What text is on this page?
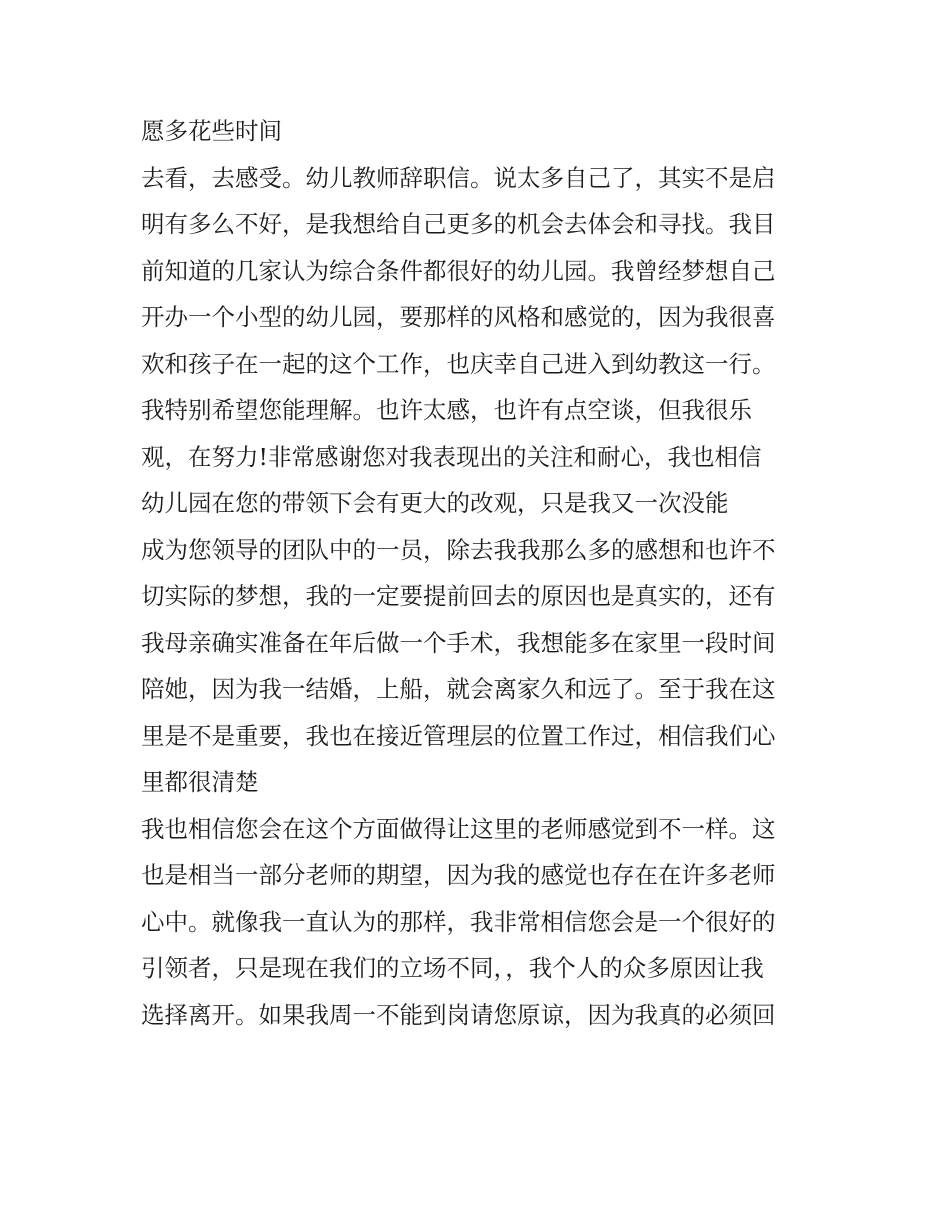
愿多花些时间
去看，去感受。幼儿教师辞职信。说太多自己了，其实不是启
明有多么不好，是我想给自己更多的机会去体会和寻找。我目
前知道的几家认为综合条件都很好的幼儿园。我曾经梦想自己
开办一个小型的幼儿园，要那样的风格和感觉的，因为我很喜
欢和孩子在一起的这个工作，也庆幸自己进入到幼教这一行。
我特别希望您能理解。也许太感，也许有点空谈，但我很乐
观，在努力!非常感谢您对我表现出的关注和耐心，我也相信
幼儿园在您的带领下会有更大的改观，只是我又一次没能
成为您领导的团队中的一员，除去我我那么多的感想和也许不
切实际的梦想，我的一定要提前回去的原因也是真实的，还有
我母亲确实准备在年后做一个手术，我想能多在家里一段时间
陪她，因为我一结婚，上船，就会离家久和远了。至于我在这
里是不是重要，我也在接近管理层的位置工作过，相信我们心
里都很清楚
我也相信您会在这个方面做得让这里的老师感觉到不一样。这
也是相当一部分老师的期望，因为我的感觉也存在在许多老师
心中。就像我一直认为的那样，我非常相信您会是一个很好的
引领者，只是现在我们的立场不同，，我个人的众多原因让我
选择离开。如果我周一不能到岗请您原谅，因为我真的必须回
